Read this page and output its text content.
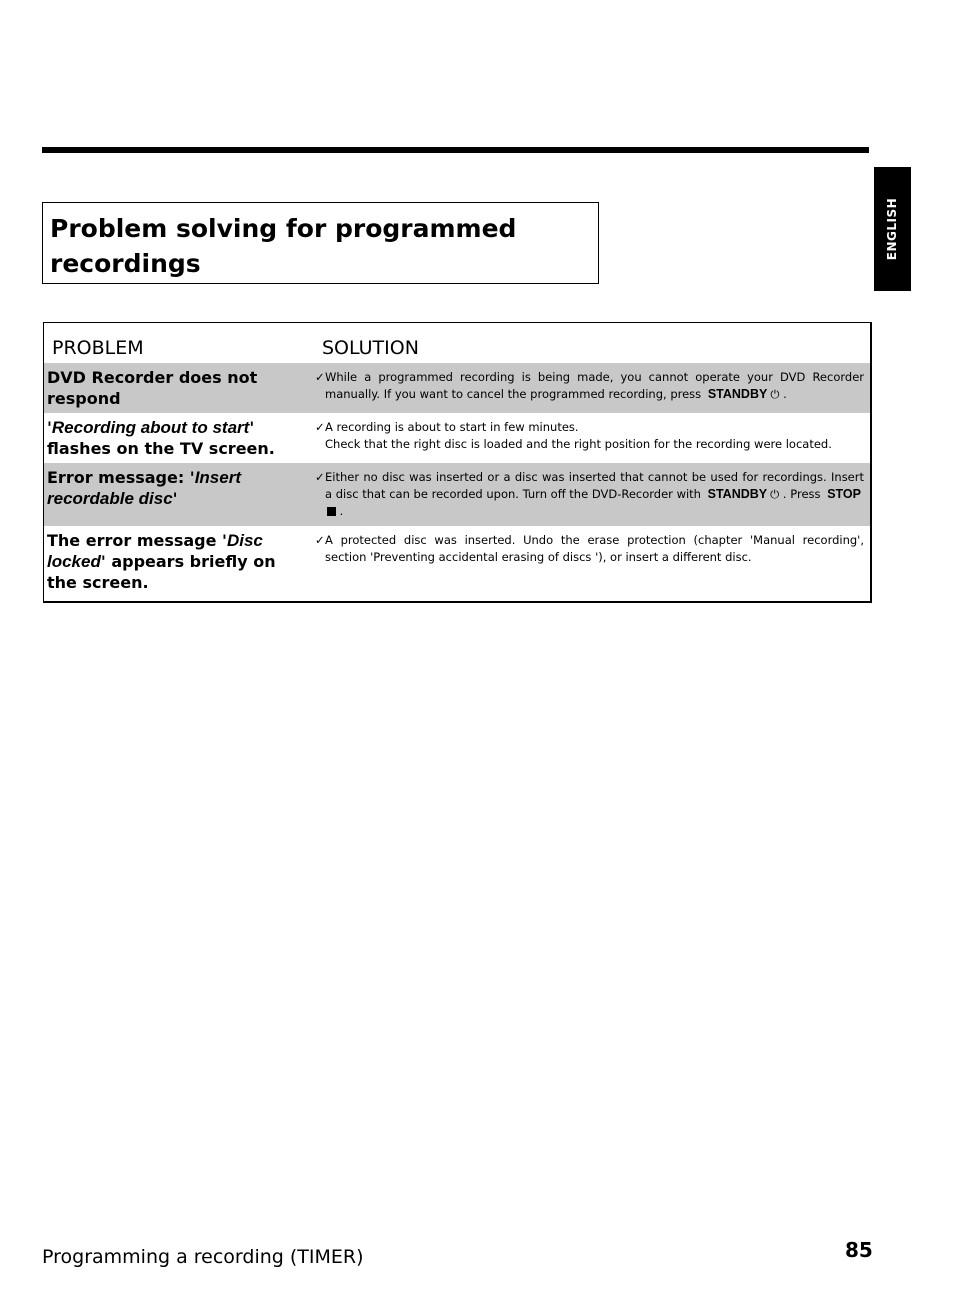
ENGLISH
Problem solving for programmed recordings
PROBLEM	SOLUTION
DVD Recorder does not respond
✓ While a programmed recording is being made, you cannot operate your DVD Recorder manually. If you want to cancel the programmed recording, press STANDBY ⏻ .
'Recording about to start' flashes on the TV screen.
✓ A recording is about to start in few minutes.
Check that the right disc is loaded and the right position for the recording were located.
Error message: 'Insert recordable disc'
✓ Either no disc was inserted or a disc was inserted that cannot be used for recordings. Insert a disc that can be recorded upon. Turn off the DVD-Recorder with STANDBY ⏻ . Press STOP .
The error message 'Disc locked' appears briefly on the screen.
✓ A protected disc was inserted. Undo the erase protection (chapter 'Manual recording', section 'Preventing accidental erasing of discs '), or insert a different disc.
Programming a recording (TIMER)	85
